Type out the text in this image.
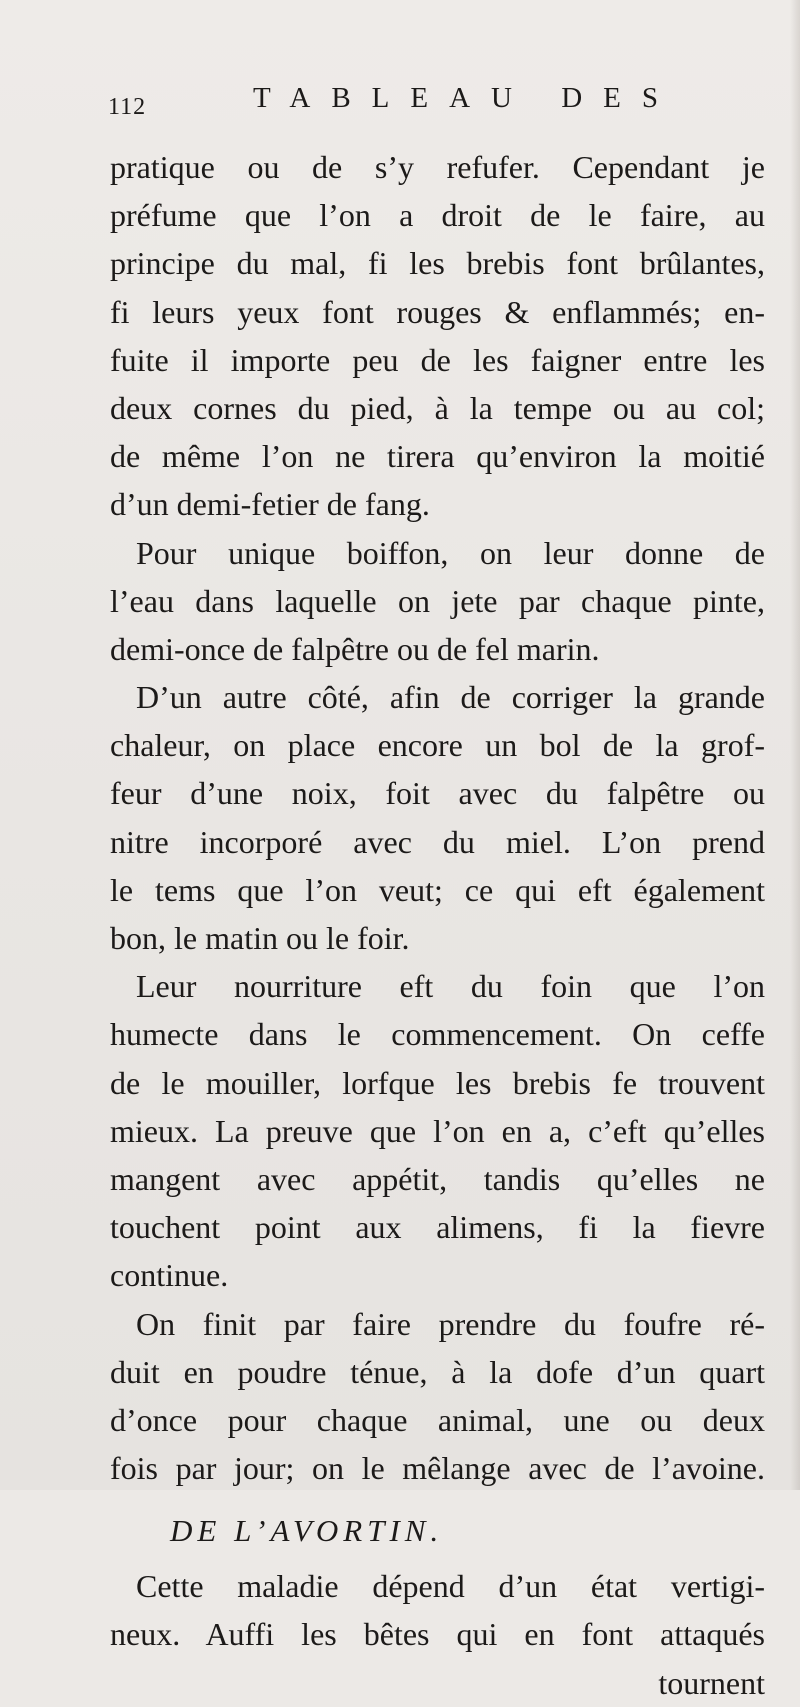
112	TABLEAU DES
pratique ou de s’y refufer. Cependant je
préfume que l’on a droit de le faire, au
principe du mal, fi les brebis font brûlantes,
fi leurs yeux font rouges & enflammés; en-
fuite il importe peu de les faigner entre les
deux cornes du pied, à la tempe ou au col;
de même l’on ne tirera qu’environ la moitié
d’un demi-fetier de fang.
Pour unique boiffon, on leur donne de
l’eau dans laquelle on jete par chaque pinte,
demi-once de falpêtre ou de fel marin.
D’un autre côté, afin de corriger la grande
chaleur, on place encore un bol de la grof-
feur d’une noix, foit avec du falpêtre ou
nitre incorporé avec du miel. L’on prend
le tems que l’on veut; ce qui eft également
bon, le matin ou le foir.
Leur nourriture eft du foin que l’on
humecte dans le commencement. On ceffe
de le mouiller, lorfque les brebis fe trouvent
mieux. La preuve que l’on en a, c’eft qu’elles
mangent avec appétit, tandis qu’elles ne
touchent point aux alimens, fi la fievre
continue.
On finit par faire prendre du foufre ré-
duit en poudre ténue, à la dofe d’un quart
d’once pour chaque animal, une ou deux
fois par jour; on le mêlange avec de l’avoine.
DE L’AVORTIN.
Cette maladie dépend d’un état vertigi-
neux. Auffi les bêtes qui en font attaqués
tournent
